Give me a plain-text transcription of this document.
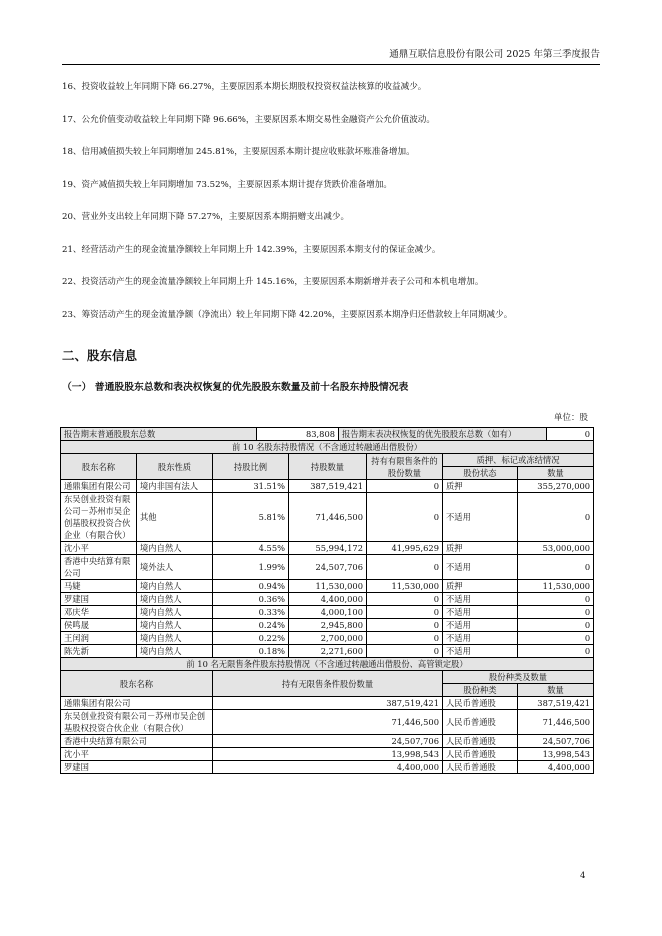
通鼎互联信息股份有限公司 2025 年第三季度报告
16、投资收益较上年同期下降 66.27%，主要原因系本期长期股权投资权益法核算的收益减少。
17、公允价值变动收益较上年同期下降 96.66%，主要原因系本期交易性金融资产公允价值波动。
18、信用减值损失较上年同期增加 245.81%，主要原因系本期计提应收账款坏账准备增加。
19、资产减值损失较上年同期增加 73.52%，主要原因系本期计提存货跌价准备增加。
20、营业外支出较上年同期下降 57.27%，主要原因系本期捐赠支出减少。
21、经营活动产生的现金流量净额较上年同期上升 142.39%，主要原因系本期支付的保证金减少。
22、投资活动产生的现金流量净额较上年同期上升 145.16%，主要原因系本期新增并表子公司和本机电增加。
23、筹资活动产生的现金流量净额（净流出）较上年同期下降 42.20%，主要原因系本期净归还借款较上年同期减少。
二、股东信息
（一） 普通股股东总数和表决权恢复的优先股股东数量及前十名股东持股情况表
单位：股
报告期末普通股股东总数	83,808	报告期末表决权恢复的优先股股东总数（如有）	0
前 10 名股东持股情况（不含通过转融通出借股份）						
股东名称	股东性质	持股比例	持股数量	持有有限售条件的股份数量	质押、标记或冻结情况	
					股份状态	数量
通鼎集团有限公司	境内非国有法人	31.51%	387,519,421	0	质押	355,270,000
东吴创业投资有限公司－苏州市吴企创基股权投资合伙企业（有限合伙）	其他	5.81%	71,446,500	0	不适用	0
沈小平	境内自然人	4.55%	55,994,172	41,995,629	质押	53,000,000
香港中央结算有限公司	境外法人	1.99%	24,507,706	0	不适用	0
马婕	境内自然人	0.94%	11,530,000	11,530,000	质押	11,530,000
罗建国	境内自然人	0.36%	4,400,000	0	不适用	0
邓庆华	境内自然人	0.33%	4,000,100	0	不适用	0
侯鸣晟	境内自然人	0.24%	2,945,800	0	不适用	0
王闰润	境内自然人	0.22%	2,700,000	0	不适用	0
陈先新	境内自然人	0.18%	2,271,600	0	不适用	0
前 10 名无限售条件股东持股情况（不含通过转融通出借股份、高管锁定股）						
股东名称		持有无限售条件股份数量			股份种类及数量	
					股份种类	数量
通鼎集团有限公司		387,519,421			人民币普通股	387,519,421
东吴创业投资有限公司－苏州市吴企创基股权投资合伙企业（有限合伙）		71,446,500			人民币普通股	71,446,500
香港中央结算有限公司		24,507,706			人民币普通股	24,507,706
沈小平		13,998,543			人民币普通股	13,998,543
罗建国		4,400,000			人民币普通股	4,400,000
4
